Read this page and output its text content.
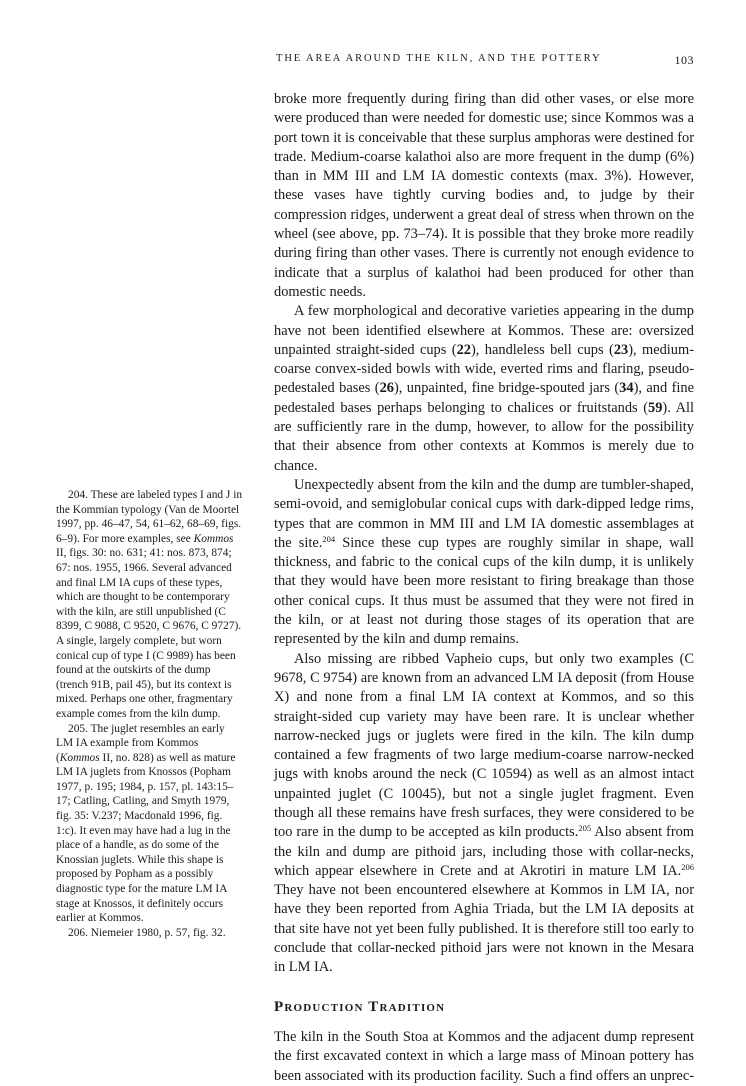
THE AREA AROUND THE KILN, AND THE POTTERY	103

broke more frequently during firing than did other vases, or else more were produced than were needed for domestic use; since Kommos was a port town it is conceivable that these surplus amphoras were destined for trade. Medium-coarse kalathoi also are more frequent in the dump (6%) than in MM III and LM IA domestic contexts (max. 3%). However, these vases have tightly curving bodies and, to judge by their compression ridges, underwent a great deal of stress when thrown on the wheel (see above, pp. 73–74). It is possible that they broke more readily during firing than other vases. There is currently not enough evidence to indicate that a surplus of kalathoi had been produced for other than domestic needs.

A few morphological and decorative varieties appearing in the dump have not been identified elsewhere at Kommos. These are: oversized unpainted straight-sided cups (22), handleless bell cups (23), medium-coarse convex-sided bowls with wide, everted rims and flaring, pseudo-pedestaled bases (26), unpainted, fine bridge-spouted jars (34), and fine pedestaled bases perhaps belonging to chalices or fruitstands (59). All are sufficiently rare in the dump, however, to allow for the possibility that their absence from other contexts at Kommos is merely due to chance.

Unexpectedly absent from the kiln and the dump are tumbler-shaped, semi-ovoid, and semiglobular conical cups with dark-dipped ledge rims, types that are common in MM III and LM IA domestic assemblages at the site.$^{204}$ Since these cup types are roughly similar in shape, wall thickness, and fabric to the conical cups of the kiln dump, it is unlikely that they would have been more resistant to firing breakage than those other conical cups. It thus must be assumed that they were not fired in the kiln, or at least not during those stages of its operation that are represented by the kiln and dump remains.

Also missing are ribbed Vapheio cups, but only two examples (C 9678, C 9754) are known from an advanced LM IA deposit (from House X) and none from a final LM IA context at Kommos, and so this straight-sided cup variety may have been rare. It is unclear whether narrow-necked jugs or juglets were fired in the kiln. The kiln dump contained a few fragments of two large medium-coarse narrow-necked jugs with knobs around the neck (C 10594) as well as an almost intact unpainted juglet (C 10045), but not a single juglet fragment. Even though all these remains have fresh surfaces, they were considered to be too rare in the dump to be accepted as kiln products.$^{205}$ Also absent from the kiln and dump are pithoid jars, including those with collar-necks, which appear elsewhere in Crete and at Akrotiri in mature LM IA.$^{206}$ They have not been encountered elsewhere at Kommos in LM IA, nor have they been reported from Aghia Triada, but the LM IA deposits at that site have not yet been fully published. It is therefore still too early to conclude that collar-necked pithoid jars were not known in the Mesara in LM IA.

Production Tradition

The kiln in the South Stoa at Kommos and the adjacent dump represent the first excavated context in which a large mass of Minoan pottery has been associated with its production facility. Such a find offers an unprec-

204. These are labeled types I and J in the Kommian typology (Van de Moortel 1997, pp. 46–47, 54, 61–62, 68–69, figs. 6–9). For more examples, see Kommos II, figs. 30: no. 631; 41: nos. 873, 874; 67: nos. 1955, 1966. Several advanced and final LM IA cups of these types, which are thought to be contemporary with the kiln, are still unpublished (C 8399, C 9088, C 9520, C 9676, C 9727). A single, largely complete, but worn conical cup of type I (C 9989) has been found at the outskirts of the dump (trench 91B, pail 45), but its context is mixed. Perhaps one other, fragmentary example comes from the kiln dump.

205. The juglet resembles an early LM IA example from Kommos (Kommos II, no. 828) as well as mature LM IA juglets from Knossos (Popham 1977, p. 195; 1984, p. 157, pl. 143:15–17; Catling, Catling, and Smyth 1979, fig. 35: V.237; Macdonald 1996, fig. 1:c). It even may have had a lug in the place of a handle, as do some of the Knossian juglets. While this shape is proposed by Popham as a possibly diagnostic type for the mature LM IA stage at Knossos, it definitely occurs earlier at Kommos.

206. Niemeier 1980, p. 57, fig. 32.
